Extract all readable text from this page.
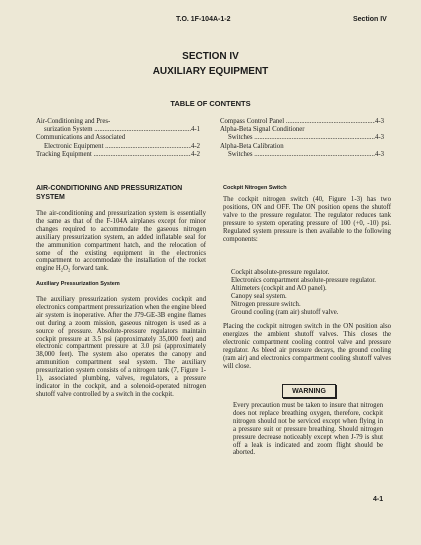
T.O. 1F-104A-1-2	Section IV
SECTION IV
AUXILIARY EQUIPMENT
TABLE OF CONTENTS
Air-Conditioning and Pres-
surization System .....	4-1
Communications and Associated
Electronic Equipment .....	4-2
Tracking Equipment .....	4-2
Compass Control Panel .....	4-3
Alpha-Beta Signal Conditioner
Switches .....	4-3
Alpha-Beta Calibration
Switches .....	4-3
AIR-CONDITIONING AND PRESSURIZATION SYSTEM
The air-conditioning and pressurization system is essentially the same as that of the F-104A airplanes except for minor changes required to accommodate the gaseous nitrogen auxiliary pressurization system, an added inflatable seal for the ammunition compartment hatch, and the relocation of some of the existing equipment in the electronics compartment to accommodate the installation of the rocket engine H₂O₂ forward tank.
Auxiliary Pressurization System
The auxiliary pressurization system provides cockpit and electronics compartment pressurization when the engine bleed air system is inoperative. After the J79-GE-3B engine flames out during a zoom mission, gaseous nitrogen is used as a source of pressure. Absolute-pressure regulators maintain cockpit pressure at 3.5 psi (approximately 35,000 feet) and electronic compartment pressure at 3.0 psi (approximately 38,000 feet). The system also operates the canopy and ammunition compartment seal system. The auxiliary pressurization system consists of a nitrogen tank (7, Figure 1-1), associated plumbing, valves, regulators, a pressure indicator in the cockpit, and a solenoid-operated nitrogen shutoff valve controlled by a switch in the cockpit.
Cockpit Nitrogen Switch
The cockpit nitrogen switch (40, Figure 1-3) has two positions, ON and OFF. The ON position opens the shutoff valve to the pressure regulator. The regulator reduces tank pressure to system operating pressure of 100 (+0, -10) psi. Regulated system pressure is then available to the following components:
Cockpit absolute-pressure regulator.
Electronics compartment absolute-pressure regulator.
Altimeters (cockpit and AO panel).
Canopy seal system.
Nitrogen pressure switch.
Ground cooling (ram air) shutoff valve.
Placing the cockpit nitrogen switch in the ON position also energizes the ambient shutoff valves. This closes the electronic compartment cooling control valve and pressure regulator. As bleed air pressure decays, the ground cooling (ram air) and electronics compartment cooling shutoff valves will close.
WARNING
Every precaution must be taken to insure that nitrogen does not replace breathing oxygen, therefore, cockpit nitrogen should not be serviced except when flying in a pressure suit or pressure breathing. Should nitrogen pressure decrease noticeably except when J-79 is shut off a leak is indicated and zoom flight should be aborted.
4-1
